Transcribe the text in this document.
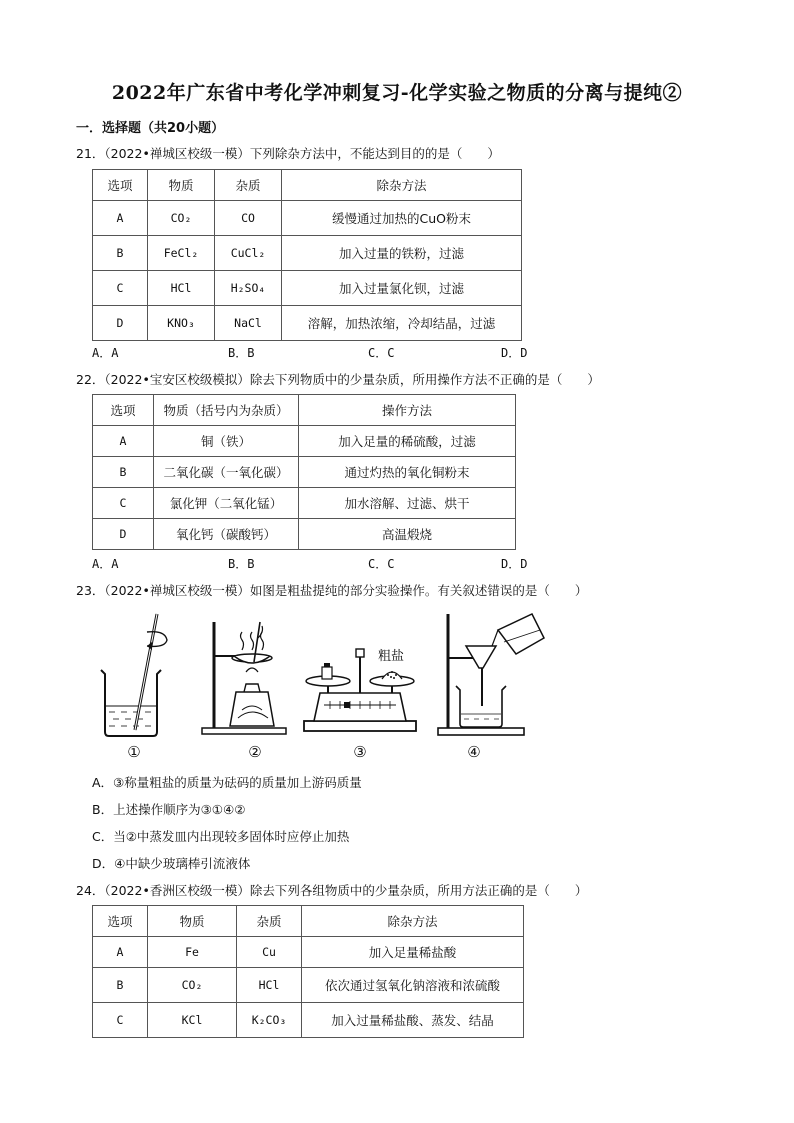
2022年广东省中考化学冲刺复习-化学实验之物质的分离与提纯②
一．选择题（共20小题）
21．（2022•禅城区校级一模）下列除杂方法中，不能达到目的的是（　　）
选项	物质	杂质	除杂方法
A	CO₂	CO	缓慢通过加热的CuO粉末
B	FeCl₂	CuCl₂	加入过量的铁粉，过滤
C	HCl	H₂SO₄	加入过量氯化钡，过滤
D	KNO₃	NaCl	溶解，加热浓缩，冷却结晶，过滤
A．A	B．B	C．C	D．D
22．（2022•宝安区校级模拟）除去下列物质中的少量杂质，所用操作方法不正确的是（　　）
选项	物质（括号内为杂质）	操作方法
A	铜（铁）	加入足量的稀硫酸，过滤
B	二氧化碳（一氧化碳）	通过灼热的氧化铜粉末
C	氯化钾（二氧化锰）	加水溶解、过滤、烘干
D	氧化钙（碳酸钙）	高温煅烧
A．A	B．B	C．C	D．D
23．（2022•禅城区校级一模）如图是粗盐提纯的部分实验操作。有关叙述错误的是（　　）
①	②
粗盐
③	④
A．③称量粗盐的质量为砝码的质量加上游码质量
B．上述操作顺序为③①④②
C．当②中蒸发皿内出现较多固体时应停止加热
D．④中缺少玻璃棒引流液体
24．（2022•香洲区校级一模）除去下列各组物质中的少量杂质，所用方法正确的是（　　）
选项	物质	杂质	除杂方法
A	Fe	Cu	加入足量稀盐酸
B	CO₂	HCl	依次通过氢氧化钠溶液和浓硫酸
C	KCl	K₂CO₃	加入过量稀盐酸、蒸发、结晶
